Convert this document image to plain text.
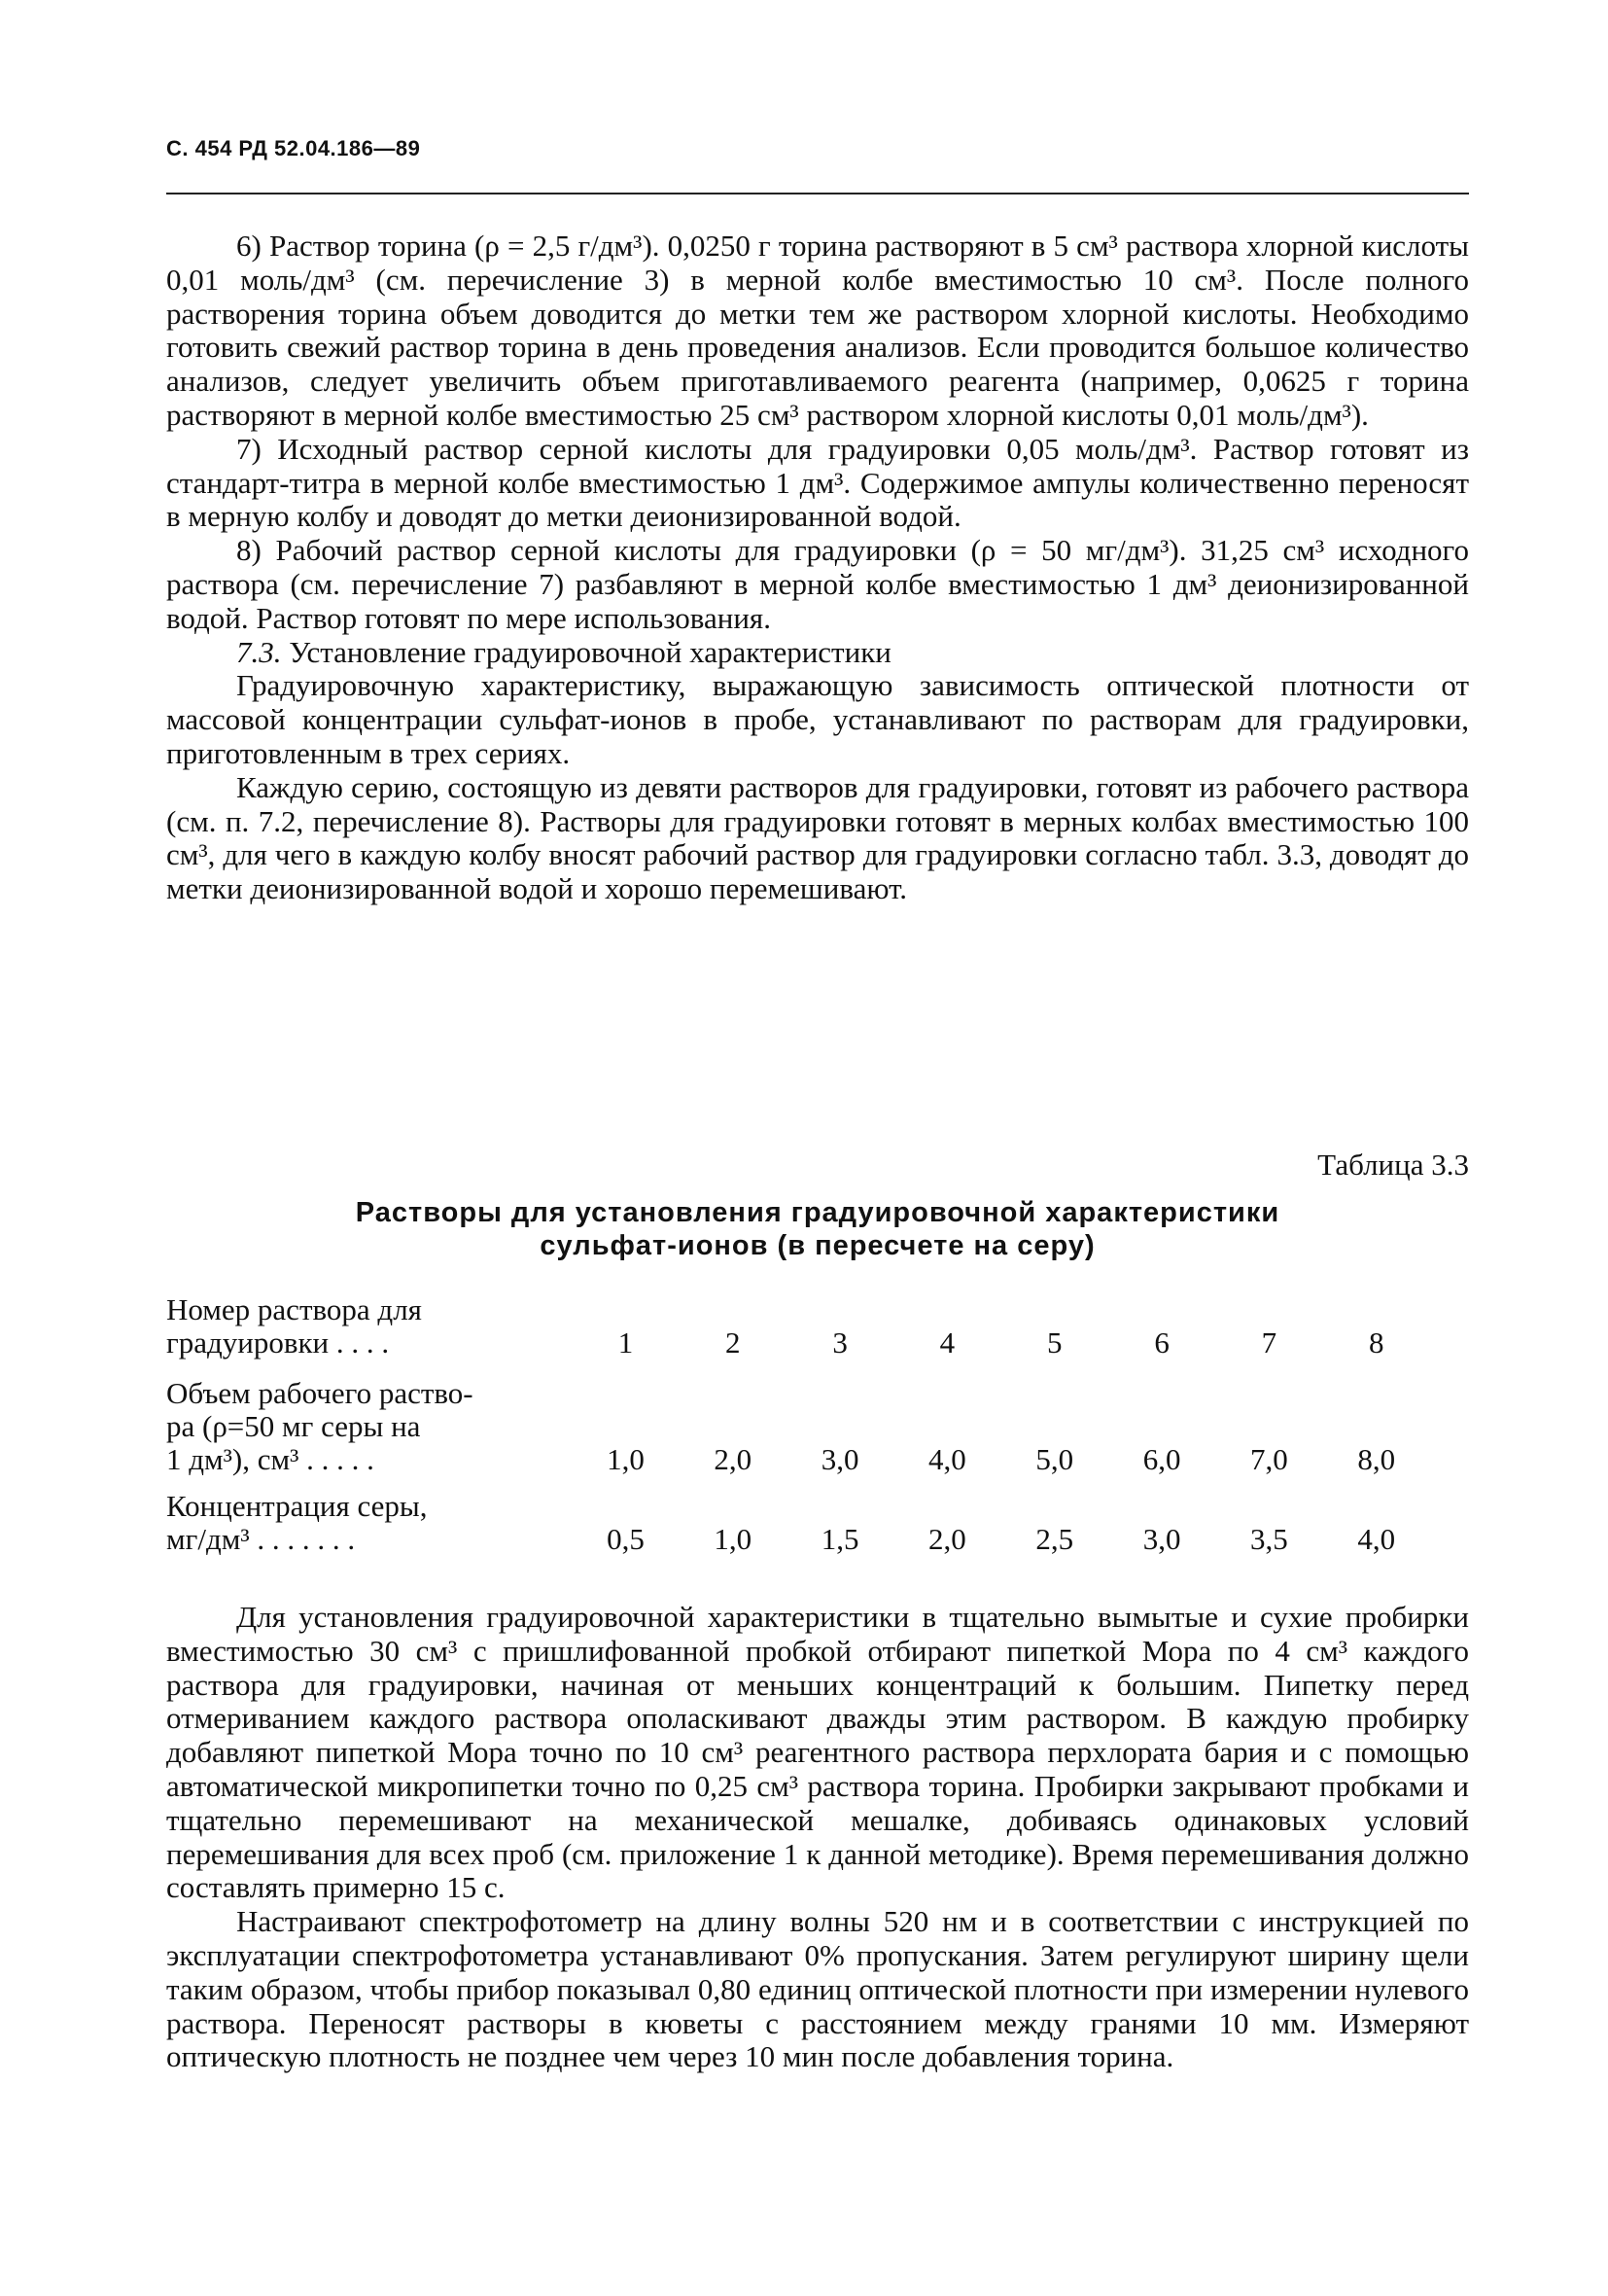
С. 454 РД 52.04.186—89

6) Раствор торина (ρ = 2,5 г/дм³). 0,0250 г торина растворяют в 5 см³ раствора хлорной кислоты 0,01 моль/дм³ (см. перечисление 3) в мерной колбе вместимостью 10 см³. После полного растворения торина объем доводится до метки тем же раствором хлорной кислоты. Необходимо готовить свежий раствор торина в день проведения анализов. Если проводится большое количество анализов, следует увеличить объем приготавливаемого реагента (например, 0,0625 г торина растворяют в мерной колбе вместимостью 25 см³ раствором хлорной кислоты 0,01 моль/дм³).

7) Исходный раствор серной кислоты для градуировки 0,05 моль/дм³. Раствор готовят из стандарт-титра в мерной колбе вместимостью 1 дм³. Содержимое ампулы количественно переносят в мерную колбу и доводят до метки деионизированной водой.

8) Рабочий раствор серной кислоты для градуировки (ρ = 50 мг/дм³). 31,25 см³ исходного раствора (см. перечисление 7) разбавляют в мерной колбе вместимостью 1 дм³ деионизированной водой. Раствор готовят по мере использования.

7.3. Установление градуировочной характеристики

Градуировочную характеристику, выражающую зависимость оптической плотности от массовой концентрации сульфат-ионов в пробе, устанавливают по растворам для градуировки, приготовленным в трех сериях.

Каждую серию, состоящую из девяти растворов для градуировки, готовят из рабочего раствора (см. п. 7.2, перечисление 8). Растворы для градуировки готовят в мерных колбах вместимостью 100 см³, для чего в каждую колбу вносят рабочий раствор для градуировки согласно табл. 3.3, доводят до метки деионизированной водой и хорошо перемешивают.

Таблица 3.3
Растворы для установления градуировочной характеристики
сульфат-ионов (в пересчете на серу)
Номер раствора для
градуировки . . . .	1	2	3	4	5	6	7	8

Объем рабочего раство-
ра (ρ=50 мг серы на
1 дм³), см³ . . . . .	1,0	2,0	3,0	4,0	5,0	6,0	7,0	8,0

Концентрация серы,
мг/дм³ . . . . . . .	0,5	1,0	1,5	2,0	2,5	3,0	3,5	4,0

Для установления градуировочной характеристики в тщательно вымытые и сухие пробирки вместимостью 30 см³ с пришлифованной пробкой отбирают пипеткой Мора по 4 см³ каждого раствора для градуировки, начиная от меньших концентраций к большим. Пипетку перед отмериванием каждого раствора ополаскивают дважды этим раствором. В каждую пробирку добавляют пипеткой Мора точно по 10 см³ реагентного раствора перхлората бария и с помощью автоматической микропипетки точно по 0,25 см³ раствора торина. Пробирки закрывают пробками и тщательно перемешивают на механической мешалке, добиваясь одинаковых условий перемешивания для всех проб (см. приложение 1 к данной методике). Время перемешивания должно составлять примерно 15 с.

Настраивают спектрофотометр на длину волны 520 нм и в соответствии с инструкцией по эксплуатации спектрофотометра устанавливают 0% пропускания. Затем регулируют ширину щели таким образом, чтобы прибор показывал 0,80 единиц оптической плотности при измерении нулевого раствора. Переносят растворы в кюветы с расстоянием между гранями 10 мм. Измеряют оптическую плотность не позднее чем через 10 мин после добавления торина.
